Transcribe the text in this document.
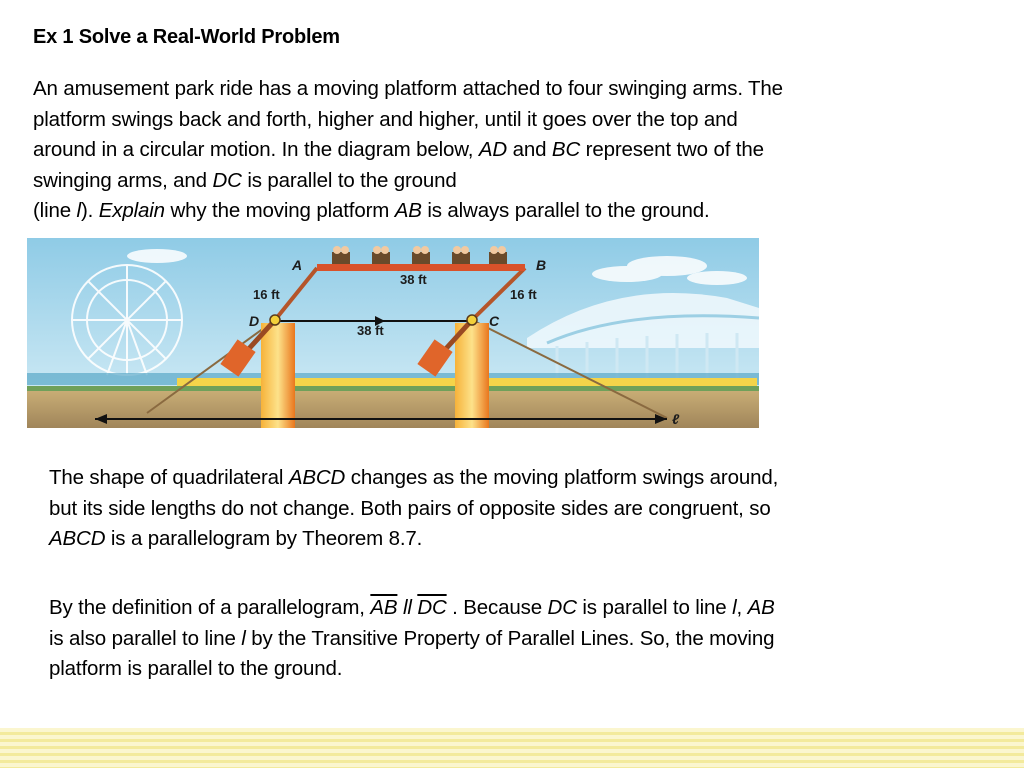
Ex 1 Solve a Real-World Problem
An amusement park ride has a moving platform attached to four swinging arms. The
platform swings back and forth, higher and higher, until it goes over the top and
around in a circular motion. In the diagram below, AD and BC represent two of the
swinging arms, and DC is parallel to the ground
(line l). Explain why the moving platform AB is always parallel to the ground.
A	B
D	C
38 ft
38 ft
16 ft	16 ft
ℓ
The shape of quadrilateral ABCD changes as the moving platform swings around,
but its side lengths do not change. Both pairs of opposite sides are congruent, so
ABCD is a parallelogram by Theorem 8.7.
By the definition of a parallelogram, $\overline{AB}$ ll $\overline{DC}$ . Because DC is parallel to line l, AB
is also parallel to line l by the Transitive Property of Parallel Lines. So, the moving
platform is parallel to the ground.
